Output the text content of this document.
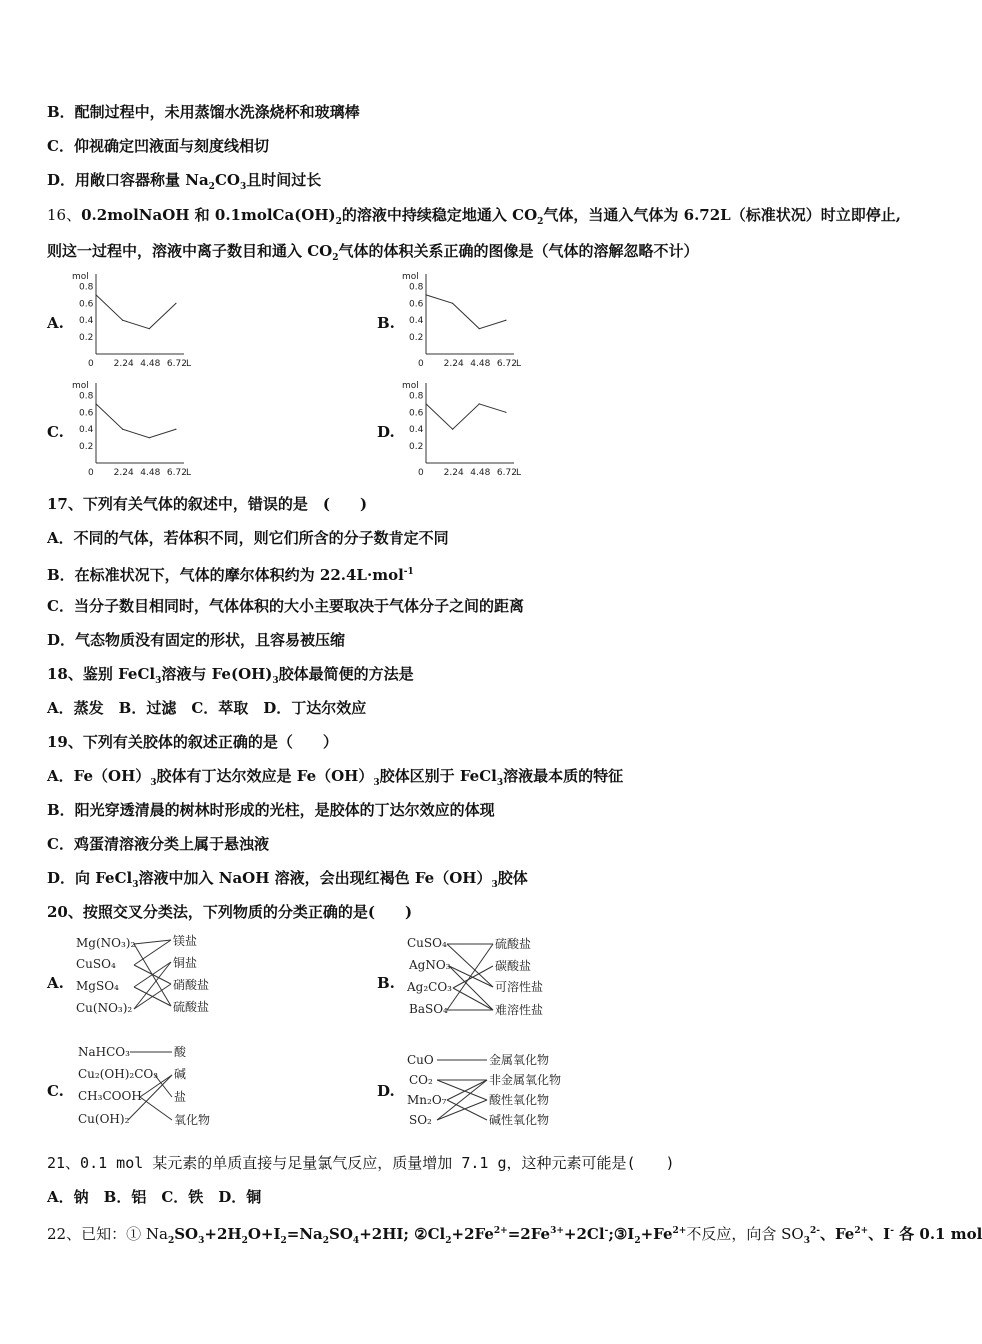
B．配制过程中，未用蒸馏水洗涤烧杯和玻璃棒
C．仰视确定凹液面与刻度线相切
D．用敞口容器称量 $Na_2CO_3$且时间过长
16、0.2molNaOH 和 $0.1molCa(OH)_2$的溶液中持续稳定地通入 $CO_2$气体，当通入气体为 6.72L（标准状况）时立即停止,
则这一过程中，溶液中离子数目和通入 $CO_2$气体的体积关系正确的图像是（气体的溶解忽略不计）
A.	B.
C.	D.
mol
L
0.8
0.6
0.4
0.2
0 2.24 4.48 6.72
mol
L
0.8
0.6
0.4
0.2
0 2.24 4.48 6.72
mol
L
0.8
0.6
0.4
0.2
0 2.24 4.48 6.72
mol
L
0.8
0.6
0.4
0.2
0 2.24 4.48 6.72
17、下列有关气体的叙述中，错误的是　(　　)
A．不同的气体，若体积不同，则它们所含的分子数肯定不同
B．在标准状况下，气体的摩尔体积约为 22.4L·mol$^{-1}$
C．当分子数目相同时，气体体积的大小主要取决于气体分子之间的距离
D．气态物质没有固定的形状，且容易被压缩
18、鉴别 FeCl$_3$溶液与 $Fe(OH)_3$胶体最简便的方法是
A．蒸发　B．过滤　C．萃取　D．丁达尔效应
19、下列有关胶体的叙述正确的是（　　）
A．$Fe(OH)_3$胶体有丁达尔效应是 $Fe(OH)_3$胶体区别于 FeCl$_3$溶液最本质的特征
B．阳光穿透清晨的树林时形成的光柱，是胶体的丁达尔效应的体现
C．鸡蛋清溶液分类上属于悬浊液
D．向 FeCl$_3$溶液中加入 NaOH 溶液，会出现红褐色 $Fe(OH)_3$胶体
20、按照交叉分类法，下列物质的分类正确的是(　　)
A.	B.
C.	D.
Mg(NO₃)₂
CuSO₄
MgSO₄
Cu(NO₃)₂
镁盐
铜盐
硝酸盐
硫酸盐
CuSO₄
AgNO₃
Ag₂CO₃
BaSO₄
硫酸盐
碳酸盐
可溶性盐
难溶性盐
NaHCO₃
Cu₂(OH)₂CO₃
CH₃COOH
Cu(OH)₂
酸
碱
盐
氧化物
CuO
CO₂
Mn₂O₇
SO₂
金属氧化物
非金属氧化物
酸性氧化物
碱性氧化物
21、0.1 mol 某元素的单质直接与足量氯气反应，质量增加 7.1 g，这种元素可能是(　　)
A．钠　B．铝　C．铁　D．铜
22、已知：① $Na_2SO_3+2H_2O+I_2=Na_2SO_4+2HI$; $②Cl_2+2Fe^{2+}=2Fe^{3+}+2Cl^-;③I_2+Fe^{2+}$不反应，向含 $SO_3^{2-}$、$Fe^{2+}$、I- 各 0.1 mol
